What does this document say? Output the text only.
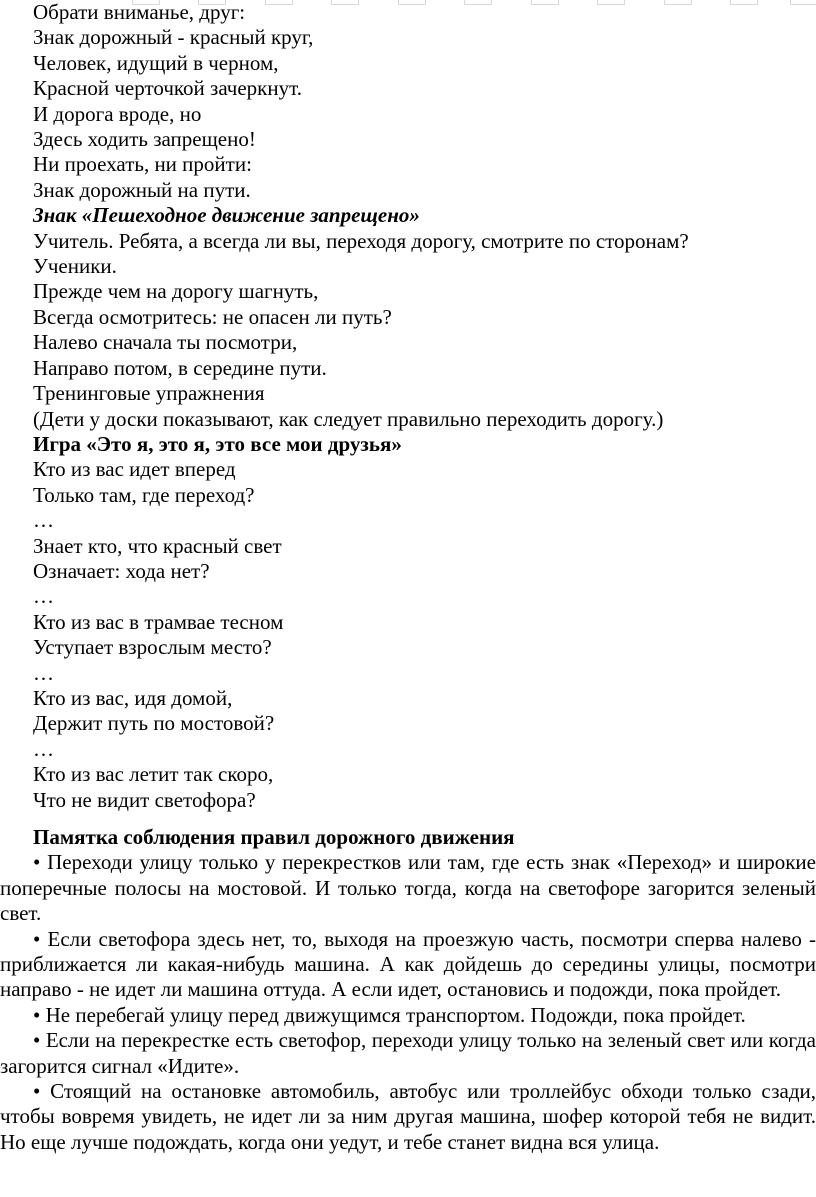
Обрати вниманье, друг:
Знак дорожный - красный круг,
Человек, идущий в черном,
Красной черточкой зачеркнут.
И дорога вроде, но
Здесь ходить запрещено!
Ни проехать, ни пройти:
Знак дорожный на пути.
Знак «Пешеходное движение запрещено»
Учитель. Ребята, а всегда ли вы, переходя дорогу, смотрите по сторонам?
Ученики.
Прежде чем на дорогу шагнуть,
Всегда осмотритесь: не опасен ли путь?
Налево сначала ты посмотри,
Направо потом, в середине пути.
Тренинговые упражнения
(Дети у доски показывают, как следует правильно переходить дорогу.)
Игра «Это я, это я, это все мои друзья»
Кто из вас идет вперед
Только там, где переход?
…
Знает кто, что красный свет
Означает: хода нет?
…
Кто из вас в трамвае тесном
Уступает взрослым место?
…
Кто из вас, идя домой,
Держит путь по мостовой?
…
Кто из вас летит так скоро,
Что не видит светофора?
Памятка соблюдения правил дорожного движения

• Переходи улицу только у перекрестков или там, где есть знак «Переход» и широкие поперечные полосы на мостовой. И только тогда, когда на светофоре загорится зеленый свет.

• Если светофора здесь нет, то, выходя на проезжую часть, посмотри сперва налево - приближается ли какая-нибудь машина. А как дойдешь до середины улицы, посмотри направо - не идет ли машина оттуда. А если идет, остановись и подожди, пока пройдет.

• Не перебегай улицу перед движущимся транспортом. Подожди, пока пройдет.

• Если на перекрестке есть светофор, переходи улицу только на зеленый свет или когда загорится сигнал «Идите».

• Стоящий на остановке автомобиль, автобус или троллейбус обходи только сзади, чтобы вовремя увидеть, не идет ли за ним другая машина, шофер которой тебя не видит. Но еще лучше подождать, когда они уедут, и тебе станет видна вся улица.
